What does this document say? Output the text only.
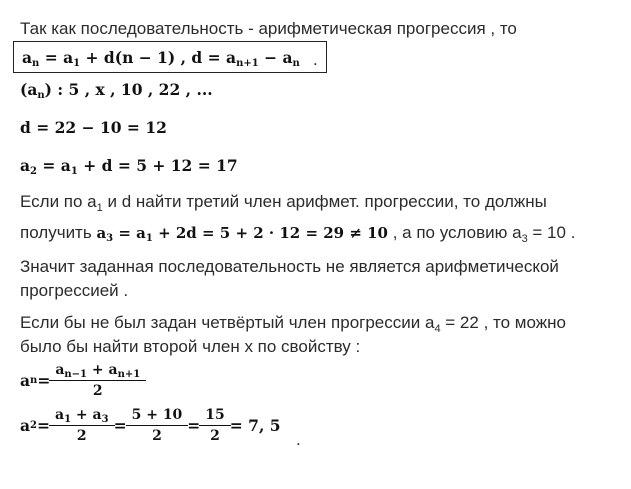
Так как последовательность - арифметическая прогрессия , то
$a_n = a_1 + d(n - 1)$ , $d = a_{n+1} - a_n$ .
$(a_n)$ : 5 , x , 10 , 22 , ...
d = 22 − 10 = 12
$a_2 = a_1 + d = 5 + 12 = 17$
Если по $a_1$ и d найти третий член арифмет. прогрессии, то должны
получить $a_3 = a_1 + 2d = 5 + 2 \cdot 12 = 29 \ne 10$ , а по условию $a_3 = 10$ .
Значит заданная последовательность не является арифметической
прогрессией .
Если бы не был задан четвёртый член прогрессии $a_4 = 22$ , то можно
было бы найти второй член x по свойству :
a $n = \frac{a_{n-1} + a_{n+1}}{2}$
a $2 = \frac{a_1 + a_3}{2} = \frac{5 + 10}{2} = \frac{15}{2} = 7$, 5
.
